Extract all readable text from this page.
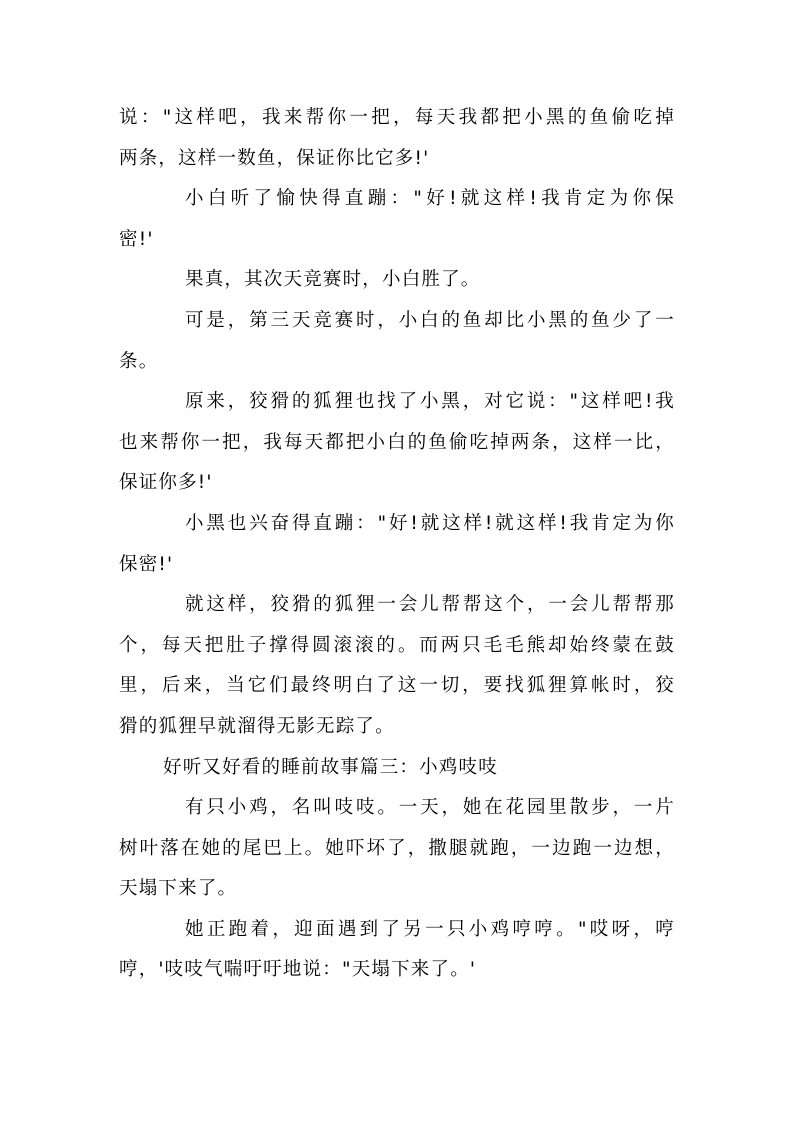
说："这样吧，我来帮你一把，每天我都把小黑的鱼偷吃掉
两条，这样一数鱼，保证你比它多!'
小白听了愉快得直蹦："好!就这样!我肯定为你保
密!'
果真，其次天竞赛时，小白胜了。
可是，第三天竞赛时，小白的鱼却比小黑的鱼少了一
条。
原来，狡猾的狐狸也找了小黑，对它说："这样吧!我
也来帮你一把，我每天都把小白的鱼偷吃掉两条，这样一比，
保证你多!'
小黑也兴奋得直蹦："好!就这样!就这样!我肯定为你
保密!'
就这样，狡猾的狐狸一会儿帮帮这个，一会儿帮帮那
个，每天把肚子撑得圆滚滚的。而两只毛毛熊却始终蒙在鼓
里，后来，当它们最终明白了这一切，要找狐狸算帐时，狡
猾的狐狸早就溜得无影无踪了。
好听又好看的睡前故事篇三：小鸡吱吱
有只小鸡，名叫吱吱。一天，她在花园里散步，一片
树叶落在她的尾巴上。她吓坏了，撒腿就跑，一边跑一边想，
天塌下来了。
她正跑着，迎面遇到了另一只小鸡哼哼。"哎呀，哼
哼，'吱吱气喘吁吁地说："天塌下来了。'
